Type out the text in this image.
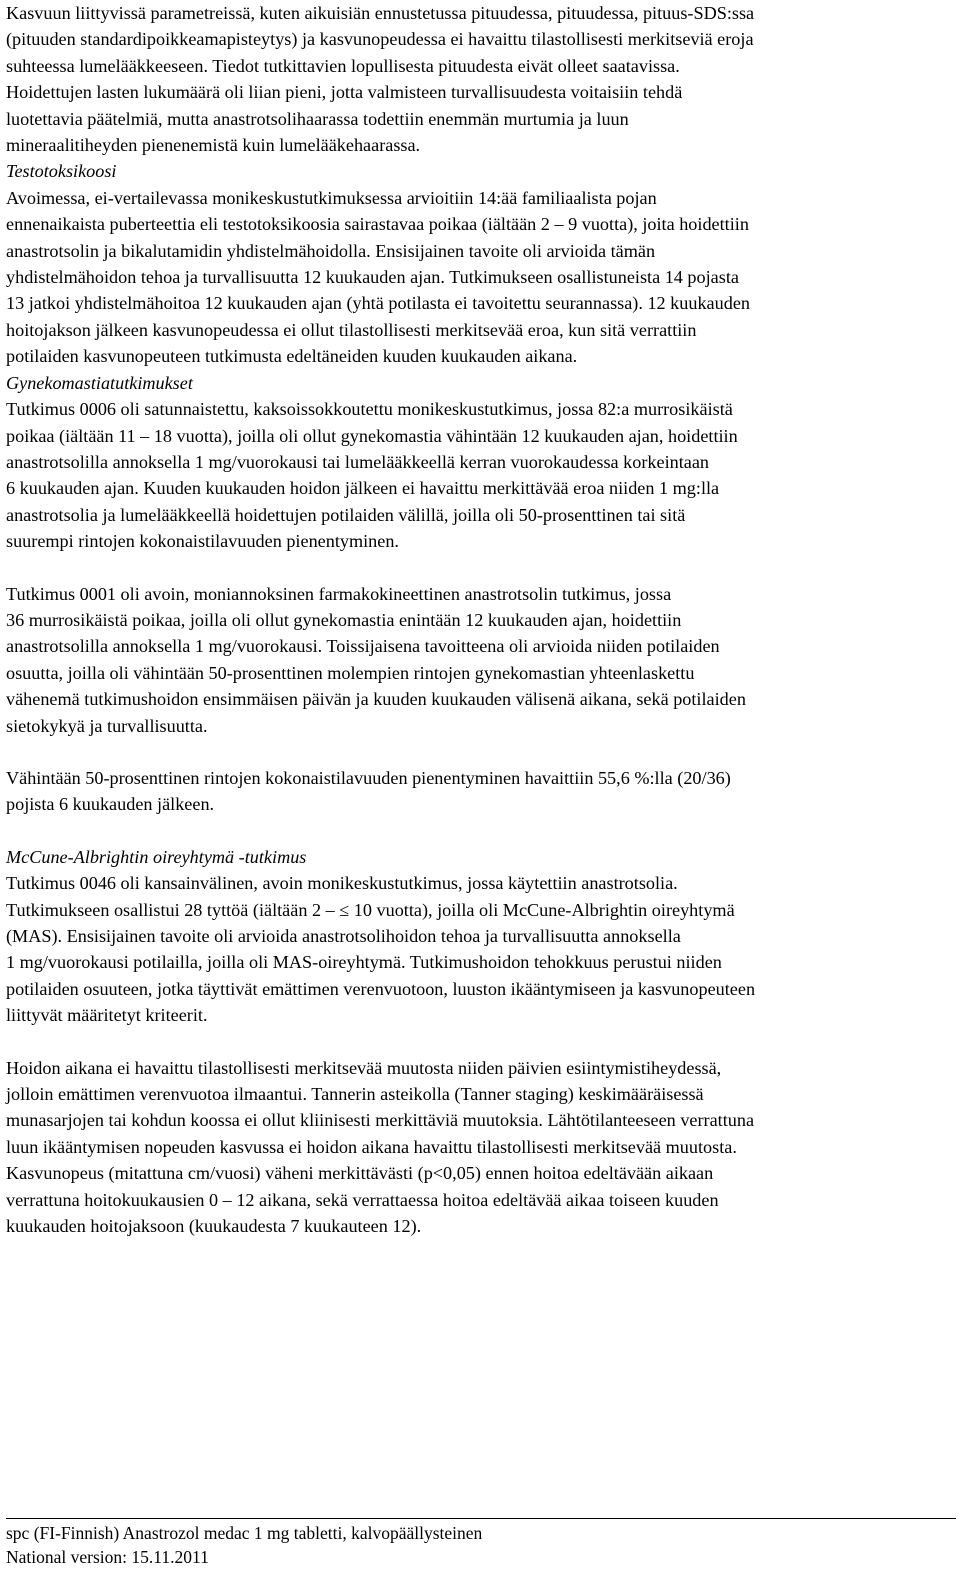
Kasvuun liittyvissä parametreissä, kuten aikuisiän ennustetussa pituudessa, pituudessa, pituus-SDS:ssa
(pituuden standardipoikkeamapisteytys) ja kasvunopeudessa ei havaittu tilastollisesti merkitseviä eroja
suhteessa lumelääkkeeseen. Tiedot tutkittavien lopullisesta pituudesta eivät olleet saatavissa.
Hoidettujen lasten lukumäärä oli liian pieni, jotta valmisteen turvallisuudesta voitaisiin tehdä
luotettavia päätelmiä, mutta anastrotsolihaarassa todettiin enemmän murtumia ja luun
mineraalitiheyden pienenemistä kuin lumelääkehaarassa.

Testotoksikoosi

Avoimessa, ei-vertailevassa monikeskustutkimuksessa arvioitiin 14:ää familiaalista pojan
ennenaikaista puberteettia eli testotoksikoosia sairastavaa poikaa (iältään 2 – 9 vuotta), joita hoidettiin
anastrotsolin ja bikalutamidin yhdistelmähoidolla. Ensisijainen tavoite oli arvioida tämän
yhdistelmähoidon tehoa ja turvallisuutta 12 kuukauden ajan. Tutkimukseen osallistuneista 14 pojasta
13 jatkoi yhdistelmähoitoa 12 kuukauden ajan (yhtä potilasta ei tavoitettu seurannassa). 12 kuukauden
hoitojakson jälkeen kasvunopeudessa ei ollut tilastollisesti merkitsevää eroa, kun sitä verrattiin
potilaiden kasvunopeuteen tutkimusta edeltäneiden kuuden kuukauden aikana.

Gynekomastiatutkimukset

Tutkimus 0006 oli satunnaistettu, kaksoissokkoutettu monikeskustutkimus, jossa 82:a murrosikäistä
poikaa (iältään 11 – 18 vuotta), joilla oli ollut gynekomastia vähintään 12 kuukauden ajan, hoidettiin
anastrotsolilla annoksella 1 mg/vuorokausi tai lumelääkkeellä kerran vuorokaudessa korkeintaan
6 kuukauden ajan. Kuuden kuukauden hoidon jälkeen ei havaittu merkittävää eroa niiden 1 mg:lla
anastrotsolia ja lumelääkkeellä hoidettujen potilaiden välillä, joilla oli 50-prosenttinen tai sitä
suurempi rintojen kokonaistilavuuden pienentyminen.

Tutkimus 0001 oli avoin, moniannoksinen farmakokineettinen anastrotsolin tutkimus, jossa
36 murrosikäistä poikaa, joilla oli ollut gynekomastia enintään 12 kuukauden ajan, hoidettiin
anastrotsolilla annoksella 1 mg/vuorokausi. Toissijaisena tavoitteena oli arvioida niiden potilaiden
osuutta, joilla oli vähintään 50-prosenttinen molempien rintojen gynekomastian yhteenlaskettu
vähenemä tutkimushoidon ensimmäisen päivän ja kuuden kuukauden välisenä aikana, sekä potilaiden
sietokykyä ja turvallisuutta.

Vähintään 50-prosenttinen rintojen kokonaistilavuuden pienentyminen havaittiin 55,6 %:lla (20/36)
pojista 6 kuukauden jälkeen.

McCune-Albrightin oireyhtymä -tutkimus

Tutkimus 0046 oli kansainvälinen, avoin monikeskustutkimus, jossa käytettiin anastrotsolia.
Tutkimukseen osallistui 28 tyttöä (iältään 2 – ≤ 10 vuotta), joilla oli McCune-Albrightin oireyhtymä
(MAS). Ensisijainen tavoite oli arvioida anastrotsolihoidon tehoa ja turvallisuutta annoksella
1 mg/vuorokausi potilailla, joilla oli MAS-oireyhtymä. Tutkimushoidon tehokkuus perustui niiden
potilaiden osuuteen, jotka täyttivät emättimen verenvuotoon, luuston ikääntymiseen ja kasvunopeuteen
liittyvät määritetyt kriteerit.

Hoidon aikana ei havaittu tilastollisesti merkitsevää muutosta niiden päivien esiintymistiheydessä,
jolloin emättimen verenvuotoa ilmaantui. Tannerin asteikolla (Tanner staging) keskimääräisessä
munasarjojen tai kohdun koossa ei ollut kliinisesti merkittäviä muutoksia. Lähtötilanteeseen verrattuna
luun ikääntymisen nopeuden kasvussa ei hoidon aikana havaittu tilastollisesti merkitsevää muutosta.
Kasvunopeus (mitattuna cm/vuosi) väheni merkittävästi (p<0,05) ennen hoitoa edeltävään aikaan
verrattuna hoitokuukausien 0 – 12 aikana, sekä verrattaessa hoitoa edeltävää aikaa toiseen kuuden
kuukauden hoitojaksoon (kuukaudesta 7 kuukauteen 12).

spc (FI-Finnish) Anastrozol medac 1 mg tabletti, kalvopäällysteinen
National version: 15.11.2011
